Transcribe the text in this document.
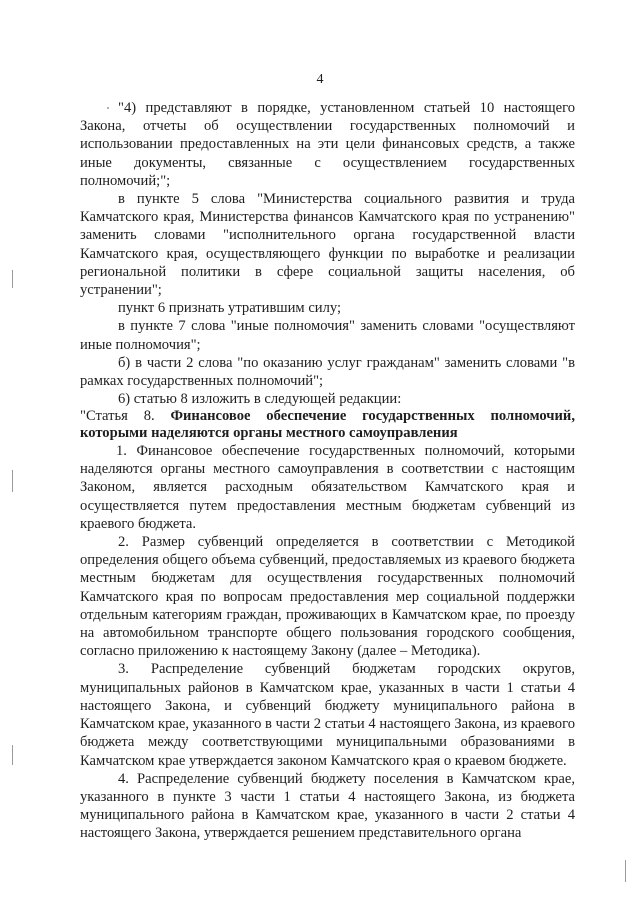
4

"4) представляют в порядке, установленном статьей 10 настоящего Закона, отчеты об осуществлении государственных полномочий и использовании предоставленных на эти цели финансовых средств, а также иные документы, связанные с осуществлением государственных полномочий;";

в пункте 5 слова "Министерства социального развития и труда Камчатского края, Министерства финансов Камчатского края по устранению" заменить словами "исполнительного органа государственной власти Камчатского края, осуществляющего функции по выработке и реализации региональной политики в сфере социальной защиты населения, об устранении";

пункт 6 признать утратившим силу;

в пункте 7 слова "иные полномочия" заменить словами "осуществляют иные полномочия";

б) в части 2 слова "по оказанию услуг гражданам" заменить словами "в рамках государственных полномочий";

6) статью 8 изложить в следующей редакции:

"Статья 8. Финансовое обеспечение государственных полномочий, которыми наделяются органы местного самоуправления

1. Финансовое обеспечение государственных полномочий, которыми наделяются органы местного самоуправления в соответствии с настоящим Законом, является расходным обязательством Камчатского края и осуществляется путем предоставления местным бюджетам субвенций из краевого бюджета.

2. Размер субвенций определяется в соответствии с Методикой определения общего объема субвенций, предоставляемых из краевого бюджета местным бюджетам для осуществления государственных полномочий Камчатского края по вопросам предоставления мер социальной поддержки отдельным категориям граждан, проживающих в Камчатском крае, по проезду на автомобильном транспорте общего пользования городского сообщения, согласно приложению к настоящему Закону (далее – Методика).

3. Распределение субвенций бюджетам городских округов, муниципальных районов в Камчатском крае, указанных в части 1 статьи 4 настоящего Закона, и субвенций бюджету муниципального района в Камчатском крае, указанного в части 2 статьи 4 настоящего Закона, из краевого бюджета между соответствующими муниципальными образованиями в Камчатском крае утверждается законом Камчатского края о краевом бюджете.

4. Распределение субвенций бюджету поселения в Камчатском крае, указанного в пункте 3 части 1 статьи 4 настоящего Закона, из бюджета муниципального района в Камчатском крае, указанного в части 2 статьи 4 настоящего Закона, утверждается решением представительного органа
